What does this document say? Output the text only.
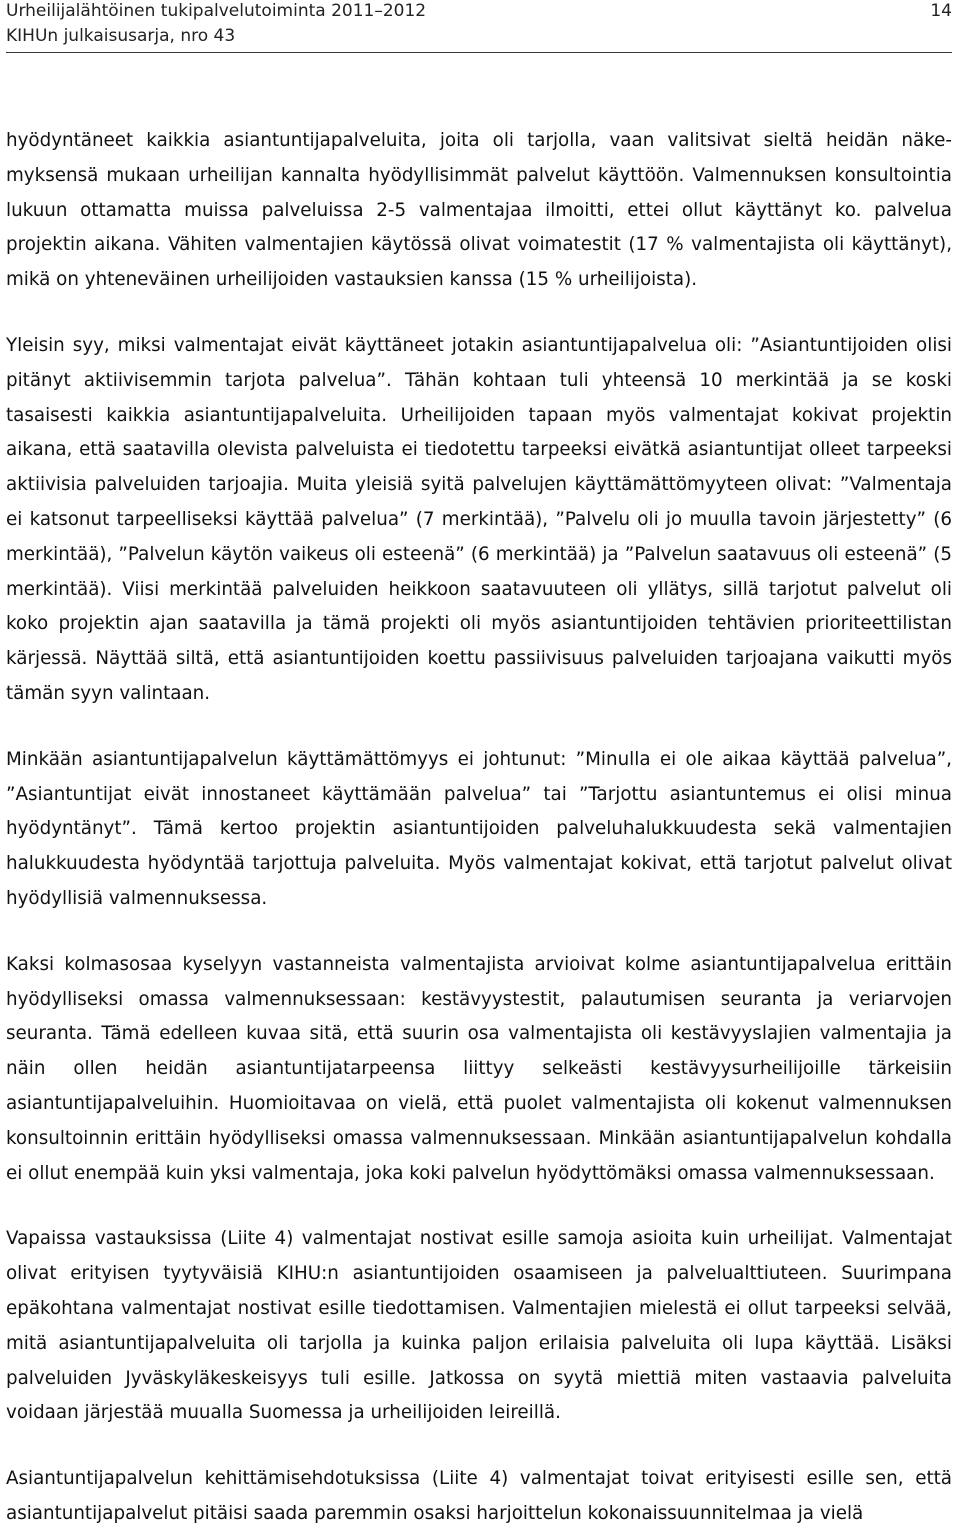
Urheilijalähtöinen tukipalvelutoiminta 2011–2012
KIHUn julkaisusarja, nro 43
14

hyödyntäneet kaikkia asiantuntijapalveluita, joita oli tarjolla, vaan valitsivat sieltä heidän näkemyksensä mukaan urheilijan kannalta hyödyllisimmät palvelut käyttöön. Valmennuksen konsultointia lukuun ottamatta muissa palveluissa 2-5 valmentajaa ilmoitti, ettei ollut käyttänyt ko. palvelua projektin aikana. Vähiten valmentajien käytössä olivat voimatestit (17 % valmentajista oli käyttänyt), mikä on yhteneväinen urheilijoiden vastauksien kanssa (15 % urheilijoista).

Yleisin syy, miksi valmentajat eivät käyttäneet jotakin asiantuntijapalvelua oli: ”Asiantuntijoiden olisi pitänyt aktiivisemmin tarjota palvelua”. Tähän kohtaan tuli yhteensä 10 merkintää ja se koski tasaisesti kaikkia asiantuntijapalveluita. Urheilijoiden tapaan myös valmentajat kokivat projektin aikana, että saatavilla olevista palveluista ei tiedotettu tarpeeksi eivätkä asiantuntijat olleet tarpeeksi aktiivisia palveluiden tarjoajia. Muita yleisiä syitä palvelujen käyttämättömyyteen olivat: ”Valmentaja ei katsonut tarpeelliseksi käyttää palvelua” (7 merkintää), ”Palvelu oli jo muulla tavoin järjestetty” (6 merkintää), ”Palvelun käytön vaikeus oli esteenä” (6 merkintää) ja ”Palvelun saatavuus oli esteenä” (5 merkintää). Viisi merkintää palveluiden heikkoon saatavuuteen oli yllätys, sillä tarjotut palvelut oli koko projektin ajan saatavilla ja tämä projekti oli myös asiantuntijoiden tehtävien prioriteettilistan kärjessä. Näyttää siltä, että asiantuntijoiden koettu passiivisuus palveluiden tarjoajana vaikutti myös tämän syyn valintaan.

Minkään asiantuntijapalvelun käyttämättömyys ei johtunut: ”Minulla ei ole aikaa käyttää palvelua”, ”Asiantuntijat eivät innostaneet käyttämään palvelua” tai ”Tarjottu asiantuntemus ei olisi minua hyödyntänyt”. Tämä kertoo projektin asiantuntijoiden palveluhalukkuudesta sekä valmentajien halukkuudesta hyödyntää tarjottuja palveluita. Myös valmentajat kokivat, että tarjotut palvelut olivat hyödyllisiä valmennuksessa.

Kaksi kolmasosaa kyselyyn vastanneista valmentajista arvioivat kolme asiantuntijapalvelua erittäin hyödylliseksi omassa valmennuksessaan: kestävyystestit, palautumisen seuranta ja veriarvojen seuranta. Tämä edelleen kuvaa sitä, että suurin osa valmentajista oli kestävyyslajien valmentajia ja näin ollen heidän asiantuntijatarpeensa liittyy selkeästi kestävyysurheilijoille tärkeisiin asiantuntijapalveluihin. Huomioitavaa on vielä, että puolet valmentajista oli kokenut valmennuksen konsultoinnin erittäin hyödylliseksi omassa valmennuksessaan. Minkään asiantuntijapalvelun kohdalla ei ollut enempää kuin yksi valmentaja, joka koki palvelun hyödyttömäksi omassa valmennuksessaan.

Vapaissa vastauksissa (Liite 4) valmentajat nostivat esille samoja asioita kuin urheilijat. Valmentajat olivat erityisen tyytyväisiä KIHU:n asiantuntijoiden osaamiseen ja palvelualttiuteen. Suurimpana epäkohtana valmentajat nostivat esille tiedottamisen. Valmentajien mielestä ei ollut tarpeeksi selvää, mitä asiantuntijapalveluita oli tarjolla ja kuinka paljon erilaisia palveluita oli lupa käyttää. Lisäksi palveluiden Jyväskyläkeskeisyys tuli esille. Jatkossa on syytä miettiä miten vastaavia palveluita voidaan järjestää muualla Suomessa ja urheilijoiden leireillä.

Asiantuntijapalvelun kehittämisehdotuksissa (Liite 4) valmentajat toivat erityisesti esille sen, että asiantuntijapalvelut pitäisi saada paremmin osaksi harjoittelun kokonaissuunnitelmaa ja vielä
